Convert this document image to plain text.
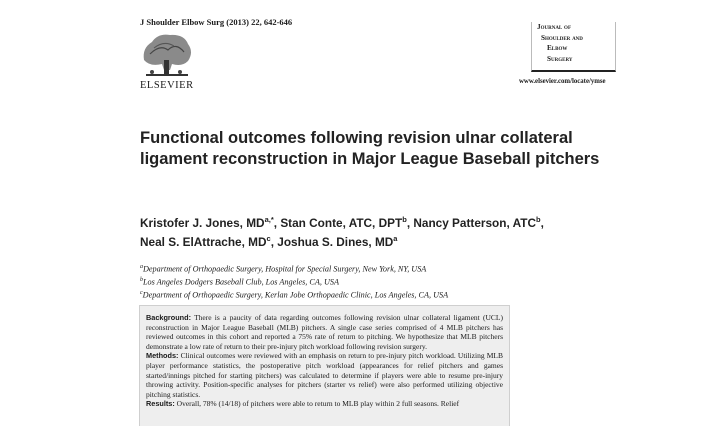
J Shoulder Elbow Surg (2013) 22, 642-646
ELSEVIER
Journal of
Shoulder and
Elbow
Surgery
www.elsevier.com/locate/ymse
Functional outcomes following revision ulnar collateral ligament reconstruction in Major League Baseball pitchers
Kristofer J. Jones, $MD^{a,*}$, Stan Conte, ATC, DPT$^b$, Nancy Patterson, ATC$^b$,
Neal S. ElAttrache, $MD^c$, Joshua S. Dines, $MD^a$
$^a$Department of Orthopaedic Surgery, Hospital for Special Surgery, New York, NY, USA
$^b$Los Angeles Dodgers Baseball Club, Los Angeles, CA, USA
$^c$Department of Orthopaedic Surgery, Kerlan Jobe Orthopaedic Clinic, Los Angeles, CA, USA

Background: There is a paucity of data regarding outcomes following revision ulnar collateral ligament (UCL) reconstruction in Major League Baseball (MLB) pitchers. A single case series comprised of 4 MLB pitchers has reviewed outcomes in this cohort and reported a 75% rate of return to pitching. We hypothesize that MLB pitchers demonstrate a low rate of return to their pre-injury pitch workload following revision surgery.

Methods: Clinical outcomes were reviewed with an emphasis on return to pre-injury pitch workload. Utilizing MLB player performance statistics, the postoperative pitch workload (appearances for relief pitchers and games started/innings pitched for starting pitchers) was calculated to determine if players were able to resume pre-injury throwing activity. Position-specific analyses for pitchers (starter vs relief) were also performed utilizing objective pitching statistics.

Results: Overall, 78% (14/18) of pitchers were able to return to MLB play within 2 full seasons. Relief
